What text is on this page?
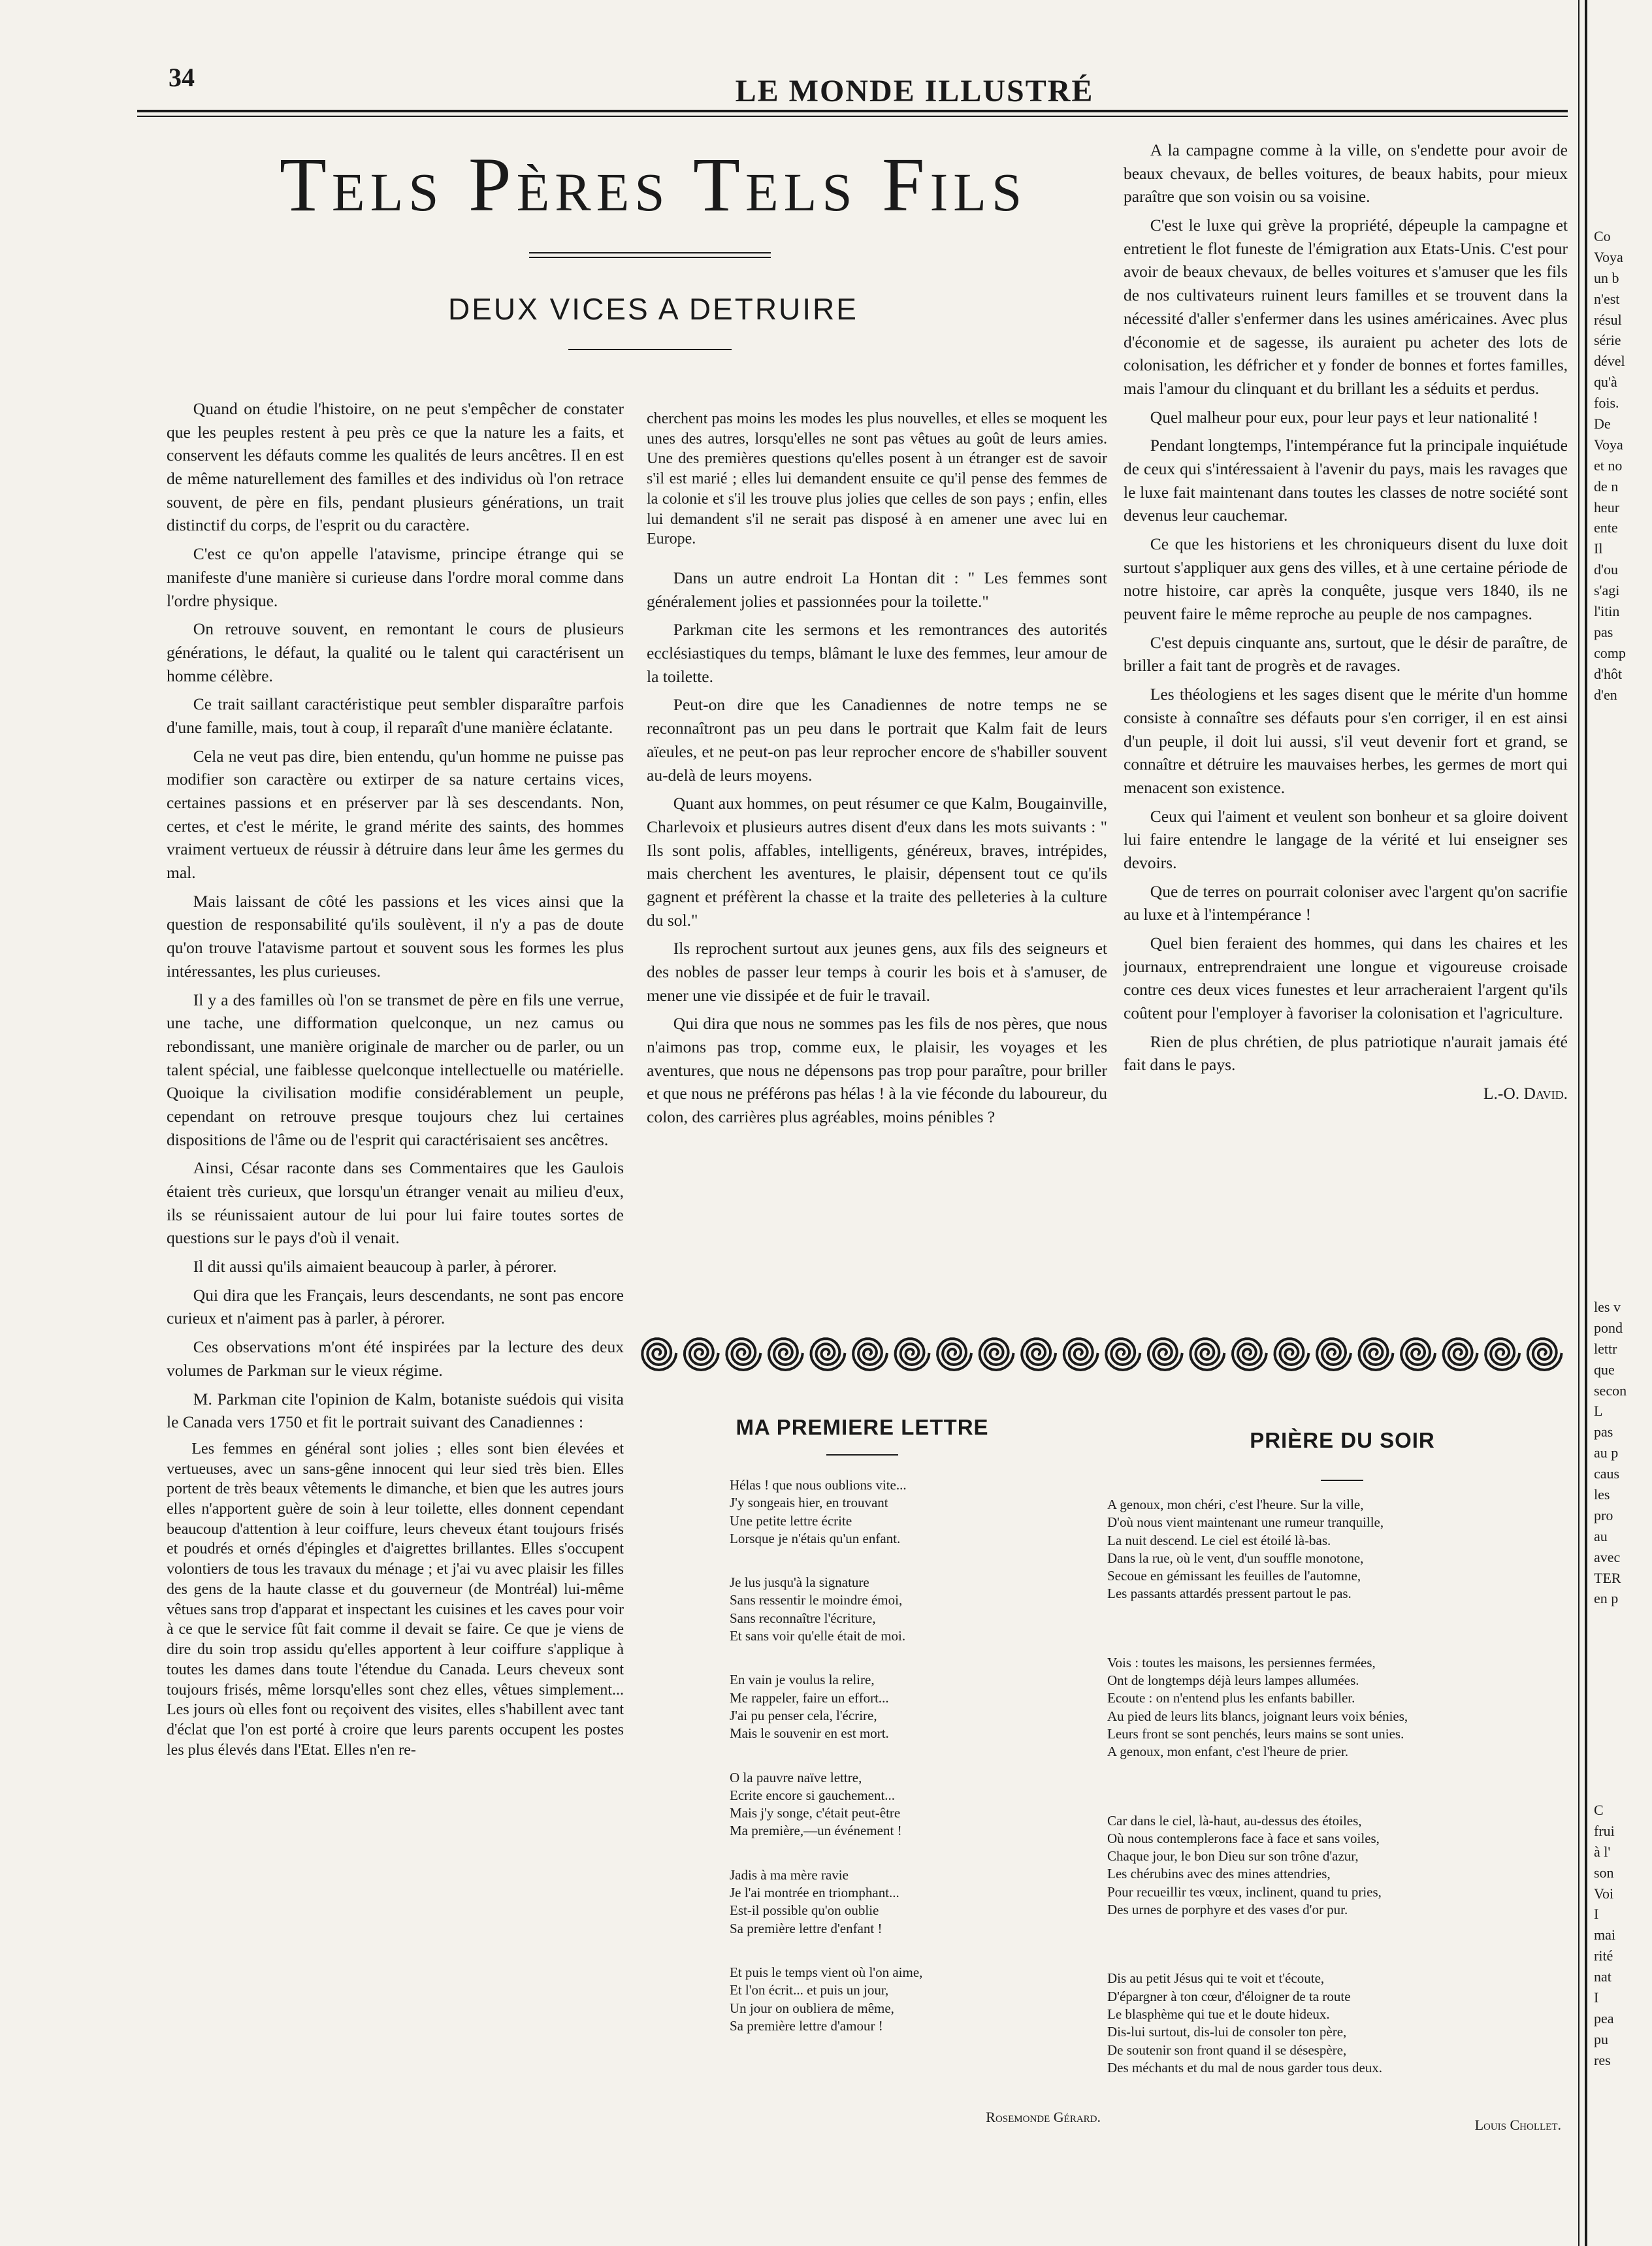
34	LE MONDE ILLUSTRÉ
Tels Pères Tels Fils
DEUX VICES A DETRUIRE

Quand on étudie l'histoire, on ne peut s'empêcher de constater que les peuples restent à peu près ce que la nature les a faits, et conservent les défauts comme les qualités de leurs ancêtres. Il en est de même naturellement des familles et des individus où l'on retrace souvent, de père en fils, pendant plusieurs générations, un trait distinctif du corps, de l'esprit ou du caractère.

C'est ce qu'on appelle l'atavisme, principe étrange qui se manifeste d'une manière si curieuse dans l'ordre moral comme dans l'ordre physique.

On retrouve souvent, en remontant le cours de plusieurs générations, le défaut, la qualité ou le talent qui caractérisent un homme célèbre.

Ce trait saillant caractéristique peut sembler disparaître parfois d'une famille, mais, tout à coup, il reparaît d'une manière éclatante.

Cela ne veut pas dire, bien entendu, qu'un homme ne puisse pas modifier son caractère ou extirper de sa nature certains vices, certaines passions et en préserver par là ses descendants. Non, certes, et c'est le mérite, le grand mérite des saints, des hommes vraiment vertueux de réussir à détruire dans leur âme les germes du mal.

Mais laissant de côté les passions et les vices ainsi que la question de responsabilité qu'ils soulèvent, il n'y a pas de doute qu'on trouve l'atavisme partout et souvent sous les formes les plus intéressantes, les plus curieuses.

Il y a des familles où l'on se transmet de père en fils une verrue, une tache, une difformation quelconque, un nez camus ou rebondissant, une manière originale de marcher ou de parler, ou un talent spécial, une faiblesse quelconque intellectuelle ou matérielle. Quoique la civilisation modifie considérablement un peuple, cependant on retrouve presque toujours chez lui certaines dispositions de l'âme ou de l'esprit qui caractérisaient ses ancêtres.

Ainsi, César raconte dans ses Commentaires que les Gaulois étaient très curieux, que lorsqu'un étranger venait au milieu d'eux, ils se réunissaient autour de lui pour lui faire toutes sortes de questions sur le pays d'où il venait.

Il dit aussi qu'ils aimaient beaucoup à parler, à pérorer.

Qui dira que les Français, leurs descendants, ne sont pas encore curieux et n'aiment pas à parler, à pérorer.

Ces observations m'ont été inspirées par la lecture des deux volumes de Parkman sur le vieux régime.

M. Parkman cite l'opinion de Kalm, botaniste suédois qui visita le Canada vers 1750 et fit le portrait suivant des Canadiennes :

Les femmes en général sont jolies ; elles sont bien élevées et vertueuses, avec un sans-gêne innocent qui leur sied très bien. Elles portent de très beaux vêtements le dimanche, et bien que les autres jours elles n'apportent guère de soin à leur toilette, elles donnent cependant beaucoup d'attention à leur coiffure, leurs cheveux étant toujours frisés et poudrés et ornés d'épingles et d'aigrettes brillantes. Elles s'occupent volontiers de tous les travaux du ménage ; et j'ai vu avec plaisir les filles des gens de la haute classe et du gouverneur (de Montréal) lui-même vêtues sans trop d'apparat et inspectant les cuisines et les caves pour voir à ce que le service fût fait comme il devait se faire. Ce que je viens de dire du soin trop assidu qu'elles apportent à leur coiffure s'applique à toutes les dames dans toute l'étendue du Canada. Leurs cheveux sont toujours frisés, même lorsqu'elles sont chez elles, vêtues simplement... Les jours où elles font ou reçoivent des visites, elles s'habillent avec tant d'éclat que l'on est porté à croire que leurs parents occupent les postes les plus élevés dans l'Etat. Elles n'en re-

cherchent pas moins les modes les plus nouvelles, et elles se moquent les unes des autres, lorsqu'elles ne sont pas vêtues au goût de leurs amies. Une des premières questions qu'elles posent à un étranger est de savoir s'il est marié ; elles lui demandent ensuite ce qu'il pense des femmes de la colonie et s'il les trouve plus jolies que celles de son pays ; enfin, elles lui demandent s'il ne serait pas disposé à en amener une avec lui en Europe.

Dans un autre endroit La Hontan dit : " Les femmes sont généralement jolies et passionnées pour la toilette."

Parkman cite les sermons et les remontrances des autorités ecclésiastiques du temps, blâmant le luxe des femmes, leur amour de la toilette.

Peut-on dire que les Canadiennes de notre temps ne se reconnaîtront pas un peu dans le portrait que Kalm fait de leurs aïeules, et ne peut-on pas leur reprocher encore de s'habiller souvent au-delà de leurs moyens.

Quant aux hommes, on peut résumer ce que Kalm, Bougainville, Charlevoix et plusieurs autres disent d'eux dans les mots suivants : " Ils sont polis, affables, intelligents, généreux, braves, intrépides, mais cherchent les aventures, le plaisir, dépensent tout ce qu'ils gagnent et préfèrent la chasse et la traite des pelleteries à la culture du sol."

Ils reprochent surtout aux jeunes gens, aux fils des seigneurs et des nobles de passer leur temps à courir les bois et à s'amuser, de mener une vie dissipée et de fuir le travail.

Qui dira que nous ne sommes pas les fils de nos pères, que nous n'aimons pas trop, comme eux, le plaisir, les voyages et les aventures, que nous ne dépensons pas trop pour paraître, pour briller et que nous ne préférons pas hélas ! à la vie féconde du laboureur, du colon, des carrières plus agréables, moins pénibles ?

A la campagne comme à la ville, on s'endette pour avoir de beaux chevaux, de belles voitures, de beaux habits, pour mieux paraître que son voisin ou sa voisine.

C'est le luxe qui grève la propriété, dépeuple la campagne et entretient le flot funeste de l'émigration aux Etats-Unis. C'est pour avoir de beaux chevaux, de belles voitures et s'amuser que les fils de nos cultivateurs ruinent leurs familles et se trouvent dans la nécessité d'aller s'enfermer dans les usines américaines. Avec plus d'économie et de sagesse, ils auraient pu acheter des lots de colonisation, les défricher et y fonder de bonnes et fortes familles, mais l'amour du clinquant et du brillant les a séduits et perdus.

Quel malheur pour eux, pour leur pays et leur nationalité !

Pendant longtemps, l'intempérance fut la principale inquiétude de ceux qui s'intéressaient à l'avenir du pays, mais les ravages que le luxe fait maintenant dans toutes les classes de notre société sont devenus leur cauchemar.

Ce que les historiens et les chroniqueurs disent du luxe doit surtout s'appliquer aux gens des villes, et à une certaine période de notre histoire, car après la conquête, jusque vers 1840, ils ne peuvent faire le même reproche au peuple de nos campagnes.

C'est depuis cinquante ans, surtout, que le désir de paraître, de briller a fait tant de progrès et de ravages.

Les théologiens et les sages disent que le mérite d'un homme consiste à connaître ses défauts pour s'en corriger, il en est ainsi d'un peuple, il doit lui aussi, s'il veut devenir fort et grand, se connaître et détruire les mauvaises herbes, les germes de mort qui menacent son existence.

Ceux qui l'aiment et veulent son bonheur et sa gloire doivent lui faire entendre le langage de la vérité et lui enseigner ses devoirs.

Que de terres on pourrait coloniser avec l'argent qu'on sacrifie au luxe et à l'intempérance !

Quel bien feraient des hommes, qui dans les chaires et les journaux, entreprendraient une longue et vigoureuse croisade contre ces deux vices funestes et leur arracheraient l'argent qu'ils coûtent pour l'employer à favoriser la colonisation et l'agriculture.

Rien de plus chrétien, de plus patriotique n'aurait jamais été fait dans le pays.

L.-O. David.

MA PREMIERE LETTRE
Hélas ! que nous oublions vite...
J'y songeais hier, en trouvant
Une petite lettre écrite
Lorsque je n'étais qu'un enfant.
Je lus jusqu'à la signature
Sans ressentir le moindre émoi,
Sans reconnaître l'écriture,
Et sans voir qu'elle était de moi.
En vain je voulus la relire,
Me rappeler, faire un effort...
J'ai pu penser cela, l'écrire,
Mais le souvenir en est mort.
O la pauvre naïve lettre,
Ecrite encore si gauchement...
Mais j'y songe, c'était peut-être
Ma première,—un événement !
Jadis à ma mère ravie
Je l'ai montrée en triomphant...
Est-il possible qu'on oublie
Sa première lettre d'enfant !
Et puis le temps vient où l'on aime,
Et l'on écrit... et puis un jour,
Un jour on oubliera de même,
Sa première lettre d'amour !
Rosemonde Gérard.
PRIÈRE DU SOIR
A genoux, mon chéri, c'est l'heure. Sur la ville,
D'où nous vient maintenant une rumeur tranquille,
La nuit descend. Le ciel est étoilé là-bas.
Dans la rue, où le vent, d'un souffle monotone,
Secoue en gémissant les feuilles de l'automne,
Les passants attardés pressent partout le pas.
Vois : toutes les maisons, les persiennes fermées,
Ont de longtemps déjà leurs lampes allumées.
Ecoute : on n'entend plus les enfants babiller.
Au pied de leurs lits blancs, joignant leurs voix bénies,
Leurs front se sont penchés, leurs mains se sont unies.
A genoux, mon enfant, c'est l'heure de prier.
Car dans le ciel, là-haut, au-dessus des étoiles,
Où nous contemplerons face à face et sans voiles,
Chaque jour, le bon Dieu sur son trône d'azur,
Les chérubins avec des mines attendries,
Pour recueillir tes vœux, inclinent, quand tu pries,
Des urnes de porphyre et des vases d'or pur.
Dis au petit Jésus qui te voit et t'écoute,
D'épargner à ton cœur, d'éloigner de ta route
Le blasphème qui tue et le doute hideux.
Dis-lui surtout, dis-lui de consoler ton père,
De soutenir son front quand il se désespère,
Des méchants et du mal de nous garder tous deux.
Louis Chollet.
Co
Voya
un b
n'est
résul
série
dével
qu'à
fois.
De
Voya
et no
de n
heur
ente
Il
d'ou
s'agi
l'itin
pas
comp
d'hôt
d'en
les v
pond
lettr
que
secon
L
pas
au p
caus
les
pro
au
avec
TER
en p
C
frui
à l'
son
Voi
I
mai
rité
nat
I
pea
pu
res
